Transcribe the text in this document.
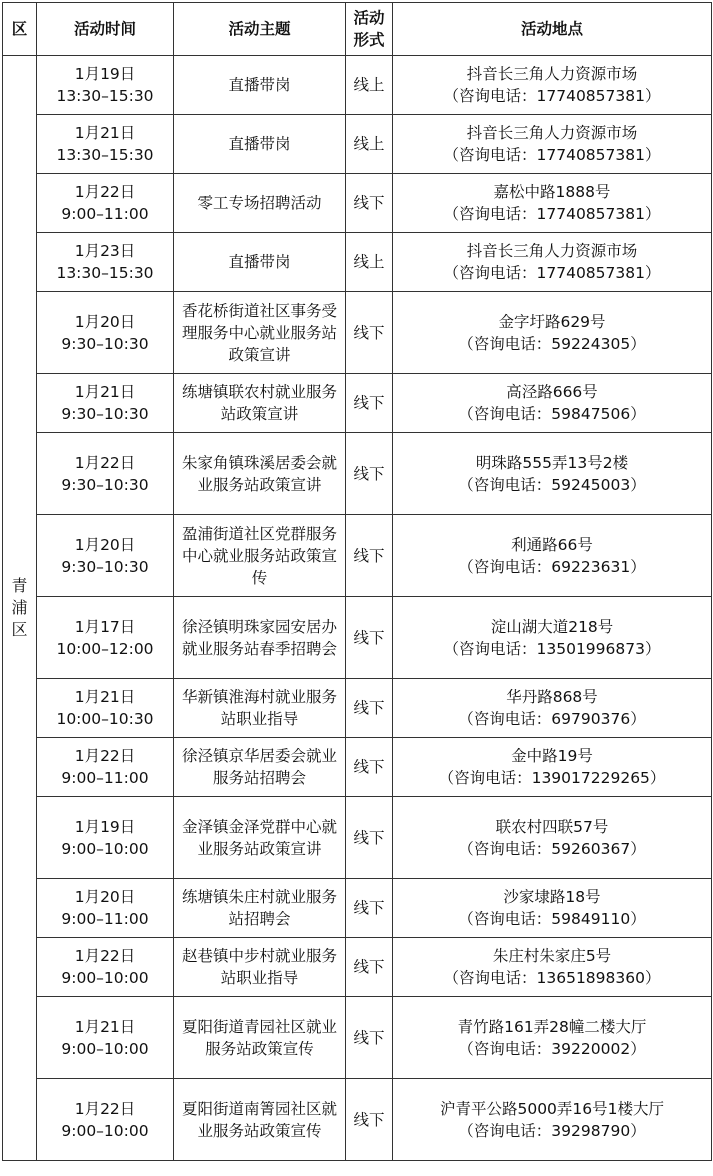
区	活动时间	活动主题	活动形式	活动地点

青浦区	1月19日
13:30–15:30	直播带岗	线上	抖音长三角人力资源市场
（咨询电话：17740857381）

	1月21日
13:30–15:30	直播带岗	线上	抖音长三角人力资源市场
（咨询电话：17740857381）

	1月22日
9:00–11:00	零工专场招聘活动	线下	嘉松中路1888号
（咨询电话：17740857381）

	1月23日
13:30–15:30	直播带岗	线上	抖音长三角人力资源市场
（咨询电话：17740857381）

	1月20日
9:30–10:30	香花桥街道社区事务受理服务中心就业服务站政策宣讲	线下	金字圩路629号
（咨询电话：59224305）

	1月21日
9:30–10:30	练塘镇联农村就业服务站政策宣讲	线下	高泾路666号
（咨询电话：59847506）

	1月22日
9:30–10:30	朱家角镇珠溪居委会就业服务站政策宣讲	线下	明珠路555弄13号2楼
（咨询电话：59245003）

	1月20日
9:30–10:30	盈浦街道社区党群服务中心就业服务站政策宣传	线下	利通路66号
（咨询电话：69223631）

	1月17日
10:00–12:00	徐泾镇明珠家园安居办就业服务站春季招聘会	线下	淀山湖大道218号
（咨询电话：13501996873）

	1月21日
10:00–10:30	华新镇淮海村就业服务站职业指导	线下	华丹路868号
（咨询电话：69790376）

	1月22日
9:00–11:00	徐泾镇京华居委会就业服务站招聘会	线下	金中路19号
（咨询电话：139017229265）

	1月19日
9:00–10:00	金泽镇金泽党群中心就业服务站政策宣讲	线下	联农村四联57号
（咨询电话：59260367）

	1月20日
9:00–11:00	练塘镇朱庄村就业服务站招聘会	线下	沙家埭路18号
（咨询电话：59849110）

	1月22日
9:00–10:00	赵巷镇中步村就业服务站职业指导	线下	朱庄村朱家庄5号
（咨询电话：13651898360）

	1月21日
9:00–10:00	夏阳街道青园社区就业服务站政策宣传	线下	青竹路161弄28幢二楼大厅
（咨询电话：39220002）

	1月22日
9:00–10:00	夏阳街道南箐园社区就业服务站政策宣传	线下	沪青平公路5000弄16号1楼大厅
（咨询电话：39298790）
